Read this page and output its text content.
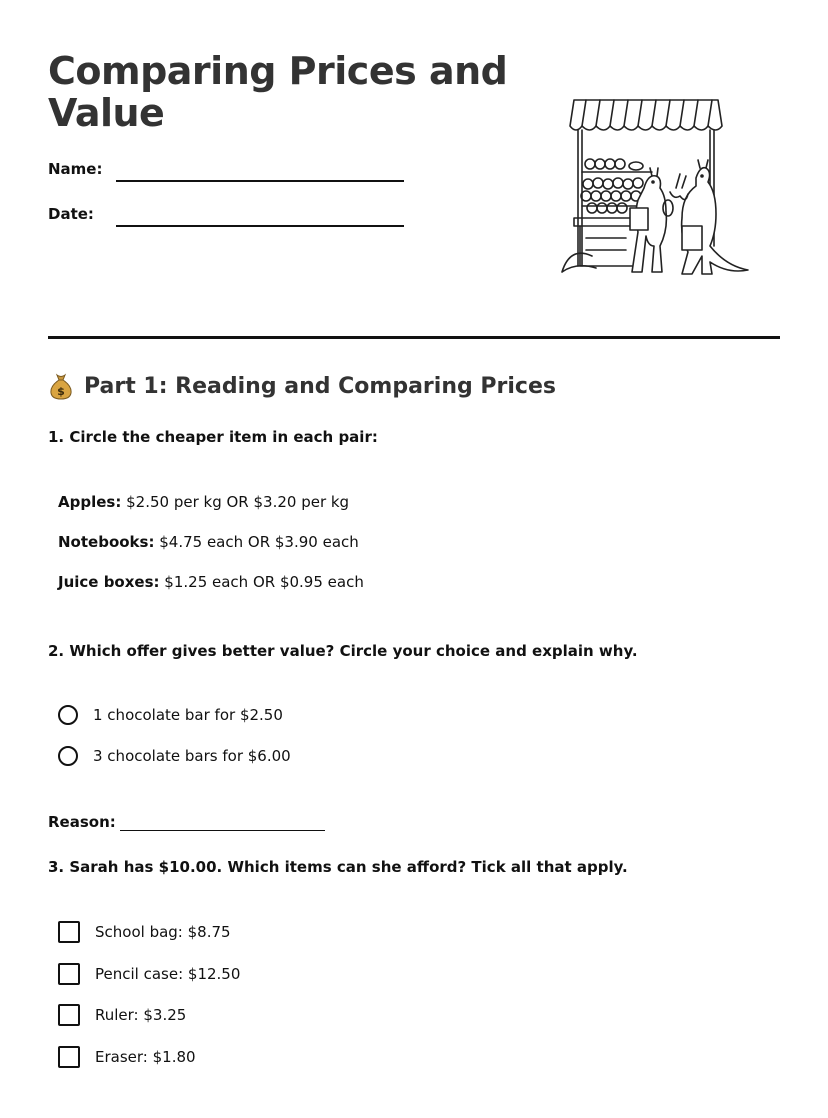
Comparing Prices and Value
Name:
Date:
$ Part 1: Reading and Comparing Prices
1. Circle the cheaper item in each pair:
Apples: $2.50 per kg OR $3.20 per kg
Notebooks: $4.75 each OR $3.90 each
Juice boxes: $1.25 each OR $0.95 each
2. Which offer gives better value? Circle your choice and explain why.
1 chocolate bar for $2.50
3 chocolate bars for $6.00
Reason:
3. Sarah has $10.00. Which items can she afford? Tick all that apply.
School bag: $8.75
Pencil case: $12.50
Ruler: $3.25
Eraser: $1.80
